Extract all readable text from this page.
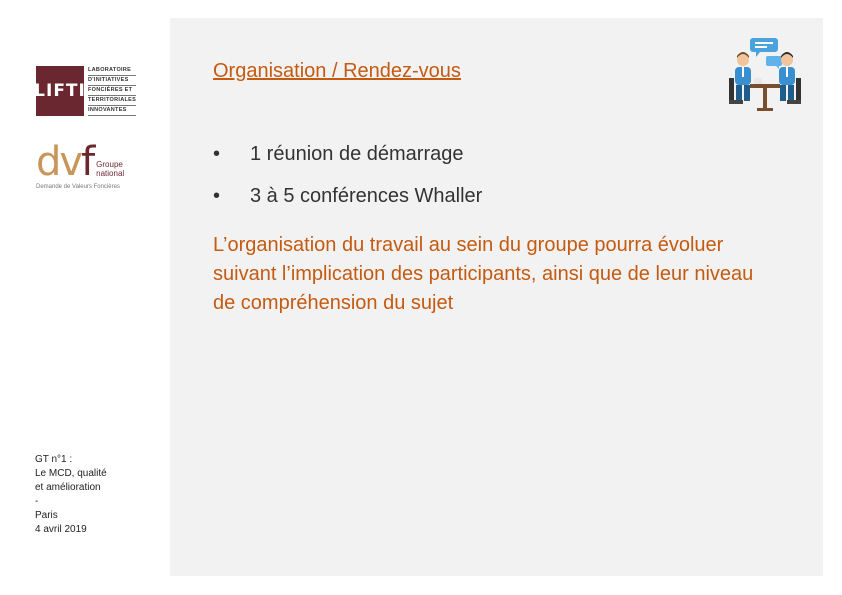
LIFTI
LABORATOIRE
D'INITIATIVES
FONCIÈRES ET
TERRITORIALES
INNOVANTES
dvf Groupe
national
Demande de Valeurs Foncières
GT n°1 :
Le MCD, qualité
et amélioration
-
Paris
4 avril 2019
Organisation / Rendez-vous
•	1 réunion de démarrage
•	3 à 5 conférences Whaller
L’organisation du travail au sein du groupe pourra évoluer suivant l’implication des participants, ainsi que de leur niveau de compréhension du sujet
